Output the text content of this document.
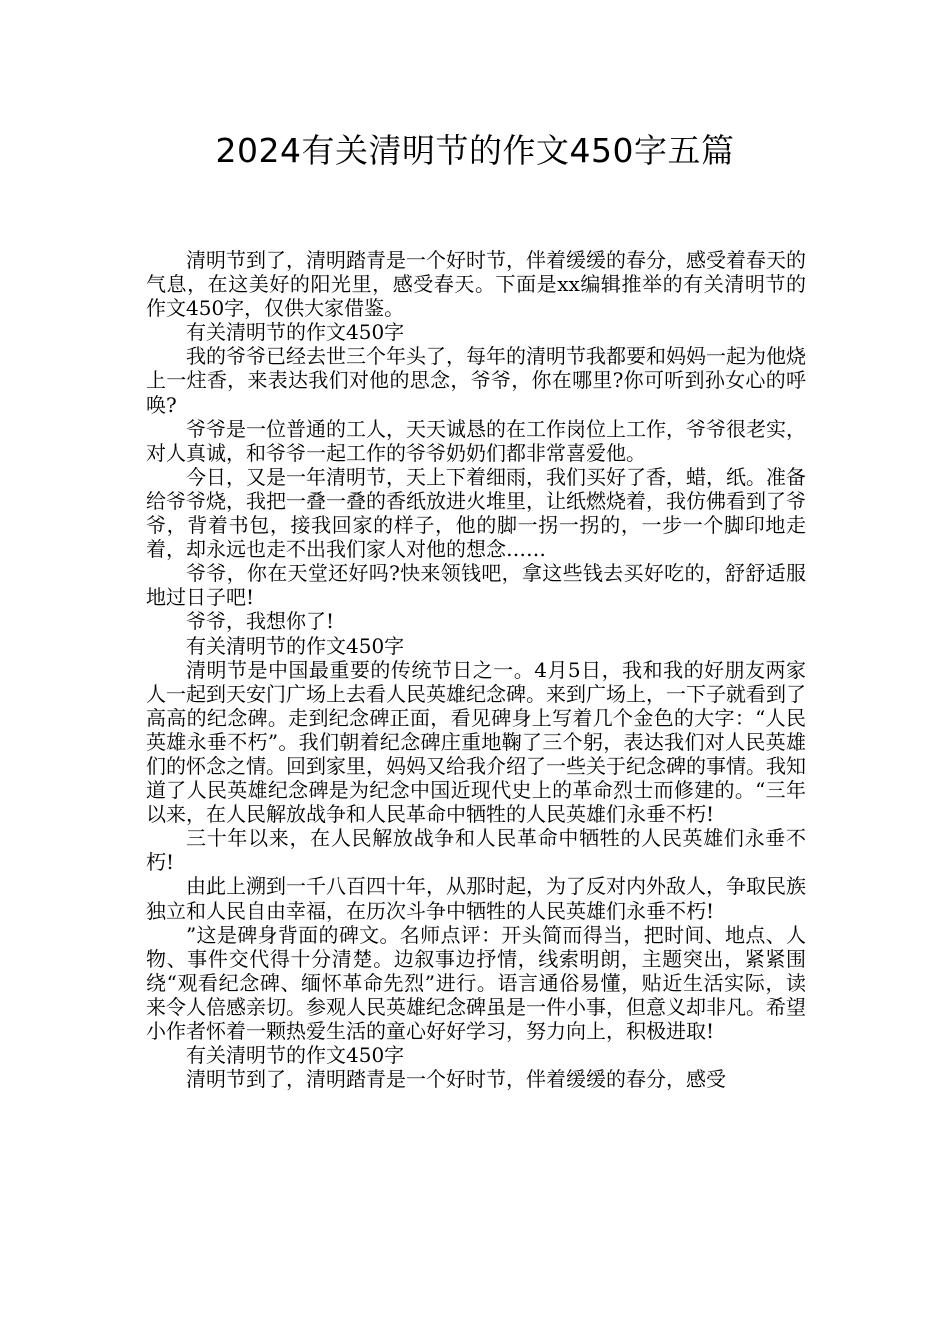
2024有关清明节的作文450字五篇

清明节到了，清明踏青是一个好时节，伴着缓缓的春分，感受着春天的气息，在这美好的阳光里，感受春天。下面是xx编辑推举的有关清明节的作文450字，仅供大家借鉴。

有关清明节的作文450字

我的爷爷已经去世三个年头了，每年的清明节我都要和妈妈一起为他烧上一炷香，来表达我们对他的思念，爷爷，你在哪里?你可听到孙女心的呼唤?

爷爷是一位普通的工人，天天诚恳的在工作岗位上工作，爷爷很老实，对人真诚，和爷爷一起工作的爷爷奶奶们都非常喜爱他。

今日，又是一年清明节，天上下着细雨，我们买好了香，蜡，纸。准备给爷爷烧，我把一叠一叠的香纸放进火堆里，让纸燃烧着，我仿佛看到了爷爷，背着书包，接我回家的样子，他的脚一拐一拐的，一步一个脚印地走着，却永远也走不出我们家人对他的想念……

爷爷，你在天堂还好吗?快来领钱吧，拿这些钱去买好吃的，舒舒适服地过日子吧!

爷爷，我想你了!

有关清明节的作文450字

清明节是中国最重要的传统节日之一。4月5日，我和我的好朋友两家人一起到天安门广场上去看人民英雄纪念碑。来到广场上，一下子就看到了高高的纪念碑。走到纪念碑正面，看见碑身上写着几个金色的大字：“人民英雄永垂不朽”。我们朝着纪念碑庄重地鞠了三个躬，表达我们对人民英雄们的怀念之情。回到家里，妈妈又给我介绍了一些关于纪念碑的事情。我知道了人民英雄纪念碑是为纪念中国近现代史上的革命烈士而修建的。“三年以来，在人民解放战争和人民革命中牺牲的人民英雄们永垂不朽!

三十年以来，在人民解放战争和人民革命中牺牲的人民英雄们永垂不朽!

由此上溯到一千八百四十年，从那时起，为了反对内外敌人，争取民族独立和人民自由幸福，在历次斗争中牺牲的人民英雄们永垂不朽!

”这是碑身背面的碑文。名师点评：开头简而得当，把时间、地点、人物、事件交代得十分清楚。边叙事边抒情，线索明朗，主题突出，紧紧围绕“观看纪念碑、缅怀革命先烈”进行。语言通俗易懂，贴近生活实际，读来令人倍感亲切。参观人民英雄纪念碑虽是一件小事，但意义却非凡。希望小作者怀着一颗热爱生活的童心好好学习，努力向上，积极进取!

有关清明节的作文450字

清明节到了，清明踏青是一个好时节，伴着缓缓的春分，感受
